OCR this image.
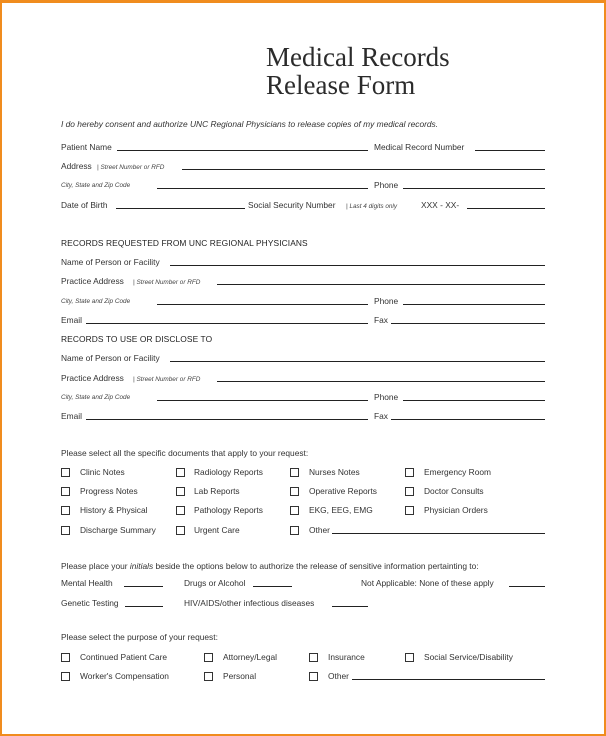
Medical Records
Release Form
I do hereby consent and authorize UNC Regional Physicians to release copies of my medical records.
Patient Name	Medical Record Number
Address | Street Number or RFD
City, State and Zip Code	Phone
Date of Birth	Social Security Number | Last 4 digits only	XXX - XX-
RECORDS REQUESTED FROM UNC REGIONAL PHYSICIANS
Name of Person or Facility
Practice Address | Street Number or RFD
City, State and Zip Code	Phone
Email	Fax
RECORDS TO USE OR DISCLOSE TO
Name of Person or Facility
Practice Address | Street Number or RFD
City, State and Zip Code	Phone
Email	Fax
Please select all the specific documents that apply to your request:
Clinic Notes	Radiology Reports	Nurses Notes	Emergency Room
Progress Notes	Lab Reports	Operative Reports	Doctor Consults
History & Physical	Pathology Reports	EKG, EEG, EMG	Physician Orders
Discharge Summary	Urgent Care	Other
Please place your initials beside the options below to authorize the release of sensitive information pertainting to:
Mental Health	Drugs or Alcohol	Not Applicable: None of these apply
Genetic Testing	HIV/AIDS/other infectious diseases
Please select the purpose of your request:
Continued Patient Care	Attorney/Legal	Insurance	Social Service/Disability
Worker's Compensation	Personal	Other
